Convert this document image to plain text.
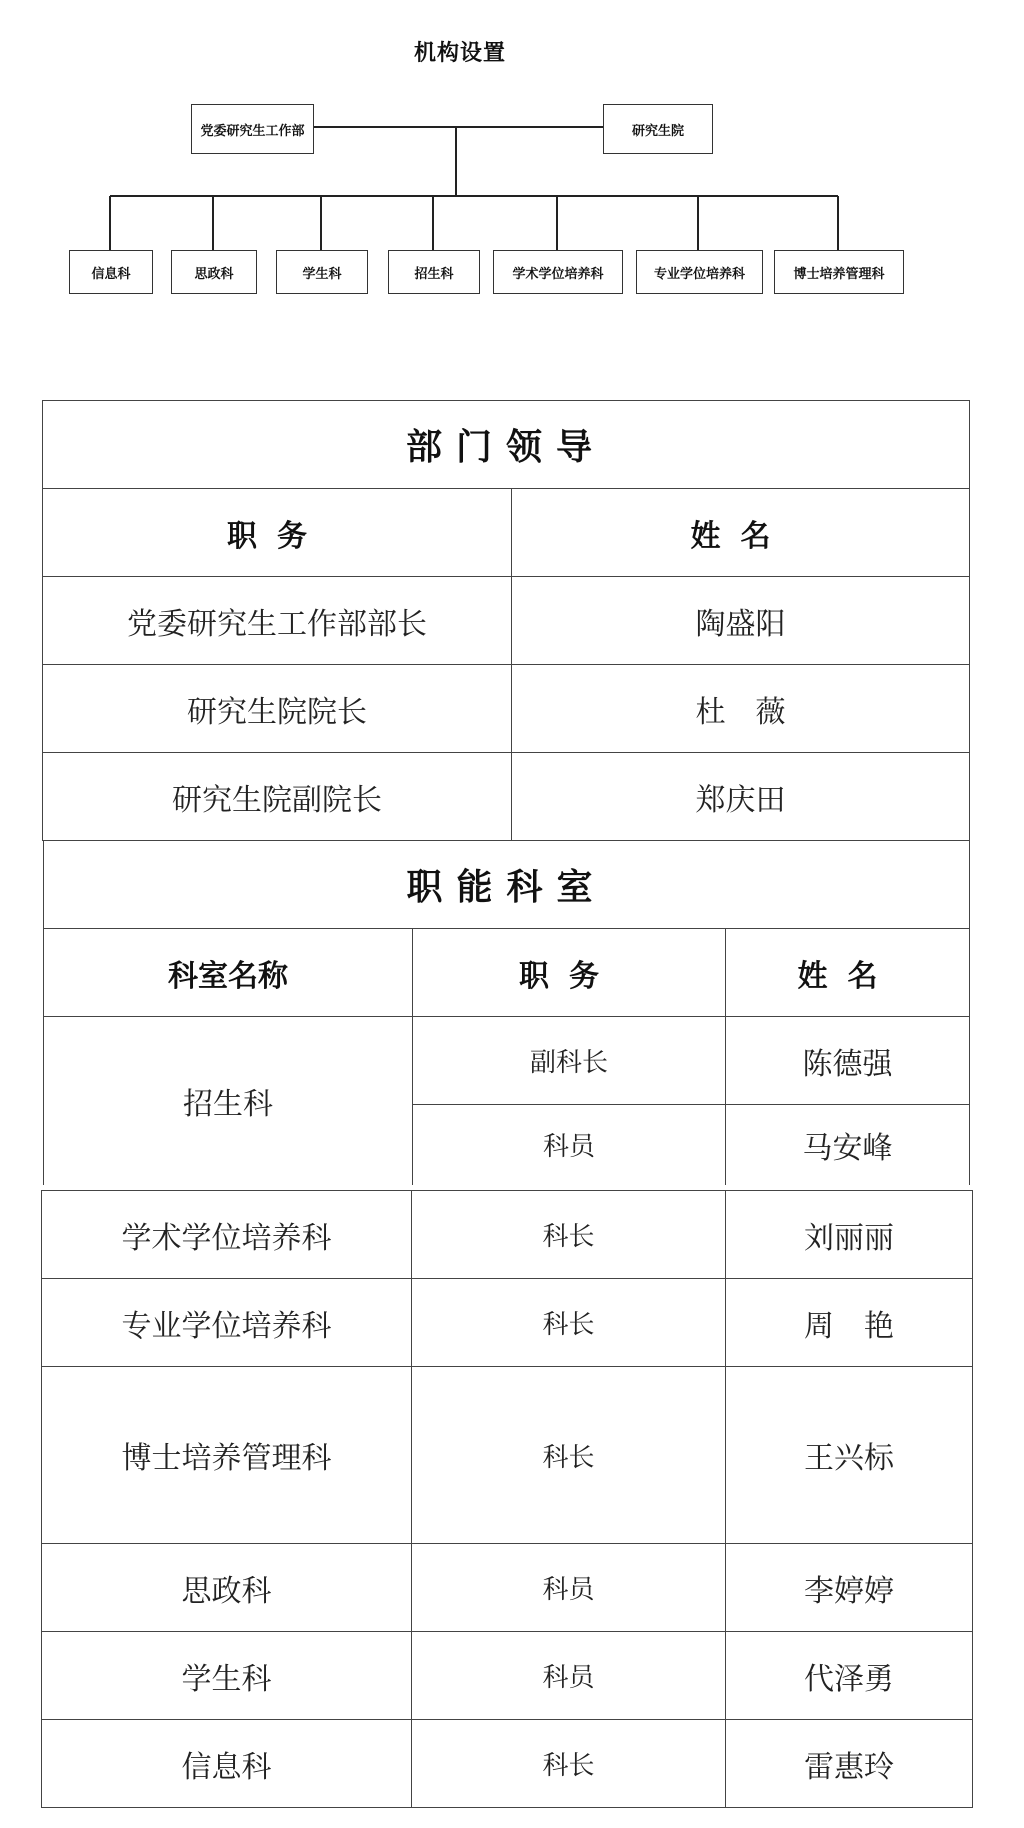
机构设置
党委研究生工作部	研究生院
信息科	思政科	学生科	招生科	学术学位培养科	专业学位培养科	博士培养管理科
部门领导	
职务	姓名
党委研究生工作部部长	陶盛阳
研究生院院长	杜　薇
研究生院副院长	郑庆田
职能科室		
科室名称	职务	姓名
招生科	副科长	陈德强
	科员	马安峰
学术学位培养科	科长	刘丽丽
专业学位培养科	科长	周　艳
博士培养管理科	科长	王兴标
思政科	科员	李婷婷
学生科	科员	代泽勇
信息科	科长	雷惠玲
